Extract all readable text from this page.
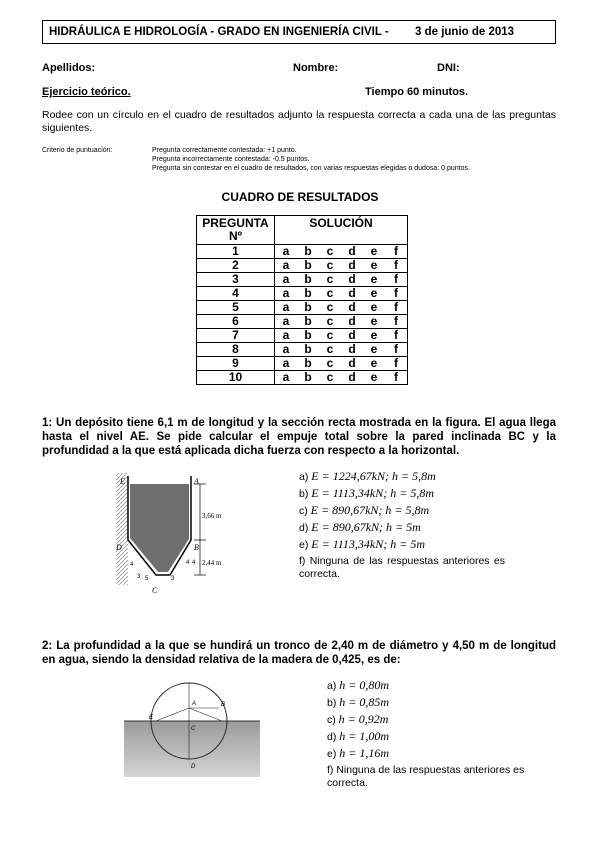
HIDRÁULICA E HIDROLOGÍA - GRADO EN INGENIERÍA CIVIL - 3 de junio de 2013
Apellidos:	Nombre:	DNI:
Ejercicio teórico.	Tiempo 60 minutos.
Rodee con un círculo en el cuadro de resultados adjunto la respuesta correcta a cada una de las preguntas siguientes.
Criterio de puntuación:	Pregunta correctamente contestada: +1 punto.
Pregunta incorrectamente contestada: -0.5 puntos.
Pregunta sin contestar en el cuadro de resultados, con varias respuestas elegidas o dudosa: 0 puntos.
CUADRO DE RESULTADOS
PREGUNTA Nº	SOLUCIÓN					
1	a	b	c	d	e	f
2	a	b	c	d	e	f
3	a	b	c	d	e	f
4	a	b	c	d	e	f
5	a	b	c	d	e	f
6	a	b	c	d	e	f
7	a	b	c	d	e	f
8	a	b	c	d	e	f
9	a	b	c	d	e	f
10	a	b	c	d	e	f
1: Un depósito tiene 6,1 m de longitud y la sección recta mostrada en la figura. El agua llega hasta el nivel AE. Se pide calcular el empuje total sobre la pared inclinada BC y la profundidad a la que está aplicada dicha fuerza con respecto a la horizontal.
E	A
D	B
C
3,66 m
2,44 m
4
3 5
4
3
4
a) E = 1224,67kN; h = 5,8m
b) E = 1113,34kN; h = 5,8m
c) E = 890,67kN; h = 5,8m
d) E = 890,67kN; h = 5m
e) E = 1113,34kN; h = 5m
f) Ninguna de las respuestas anteriores es correcta.
2: La profundidad a la que se hundirá un tronco de 2,40 m de diámetro y 4,50 m de longitud en agua, siendo la densidad relativa de la madera de 0,425, es de:
A	B
C
D
E
a) h = 0,80m
b) h = 0,85m
c) h = 0,92m
d) h = 1,00m
e) h = 1,16m
f) Ninguna de las respuestas anteriores es correcta.
